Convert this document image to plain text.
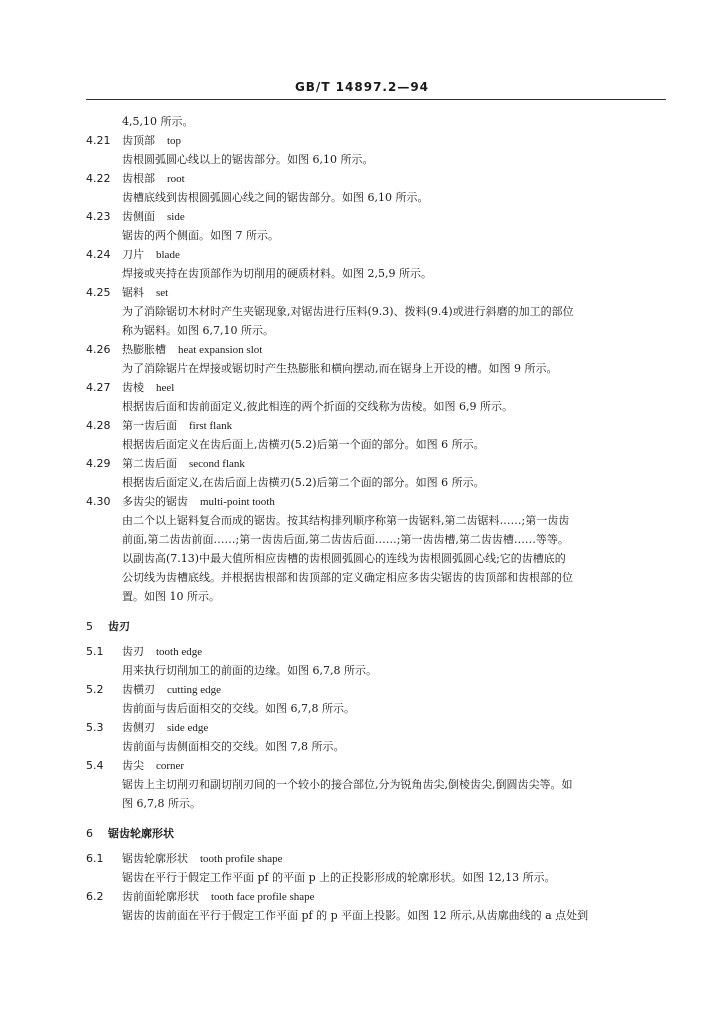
GB/T 14897.2—94
4,5,10 所示。
4.21 齿顶部 top
齿根圆弧圆心线以上的锯齿部分。如图 6,10 所示。
4.22 齿根部 root
齿槽底线到齿根圆弧圆心线之间的锯齿部分。如图 6,10 所示。
4.23 齿侧面 side
锯齿的两个侧面。如图 7 所示。
4.24 刀片 blade
焊接或夹持在齿顶部作为切削用的硬质材料。如图 2,5,9 所示。
4.25 锯料 set
为了消除锯切木材时产生夹锯现象,对锯齿进行压料(9.3)、拨料(9.4)或进行斜磨的加工的部位
称为锯料。如图 6,7,10 所示。
4.26 热膨胀槽 heat expansion slot
为了消除锯片在焊接或锯切时产生热膨胀和横向摆动,而在锯身上开设的槽。如图 9 所示。
4.27 齿棱 heel
根据齿后面和齿前面定义,彼此相连的两个折面的交线称为齿棱。如图 6,9 所示。
4.28 第一齿后面 first flank
根据齿后面定义在齿后面上,齿横刃(5.2)后第一个面的部分。如图 6 所示。
4.29 第二齿后面 second flank
根据齿后面定义,在齿后面上齿横刃(5.2)后第二个面的部分。如图 6 所示。
4.30 多齿尖的锯齿 multi-point tooth
由二个以上锯料复合而成的锯齿。按其结构排列顺序称第一齿锯料,第二齿锯料……;第一齿齿
前面,第二齿齿前面……;第一齿齿后面,第二齿齿后面……;第一齿齿槽,第二齿齿槽……等等。
以副齿高(7.13)中最大值所相应齿槽的齿根圆弧圆心的连线为齿根圆弧圆心线;它的齿槽底的
公切线为齿槽底线。并根据齿根部和齿顶部的定义确定相应多齿尖锯齿的齿顶部和齿根部的位
置。如图 10 所示。
5 齿刃
5.1 齿刃 tooth edge
用来执行切削加工的前面的边缘。如图 6,7,8 所示。
5.2 齿横刃 cutting edge
齿前面与齿后面相交的交线。如图 6,7,8 所示。
5.3 齿侧刃 side edge
齿前面与齿侧面相交的交线。如图 7,8 所示。
5.4 齿尖 corner
锯齿上主切削刃和副切削刃间的一个较小的接合部位,分为锐角齿尖,倒棱齿尖,倒圆齿尖等。如
图 6,7,8 所示。
6 锯齿轮廓形状
6.1 锯齿轮廓形状 tooth profile shape
锯齿在平行于假定工作平面 pf 的平面 p 上的正投影形成的轮廓形状。如图 12,13 所示。
6.2 齿前面轮廓形状 tooth face profile shape
锯齿的齿前面在平行于假定工作平面 pf 的 p 平面上投影。如图 12 所示,从齿廓曲线的 a 点处到
